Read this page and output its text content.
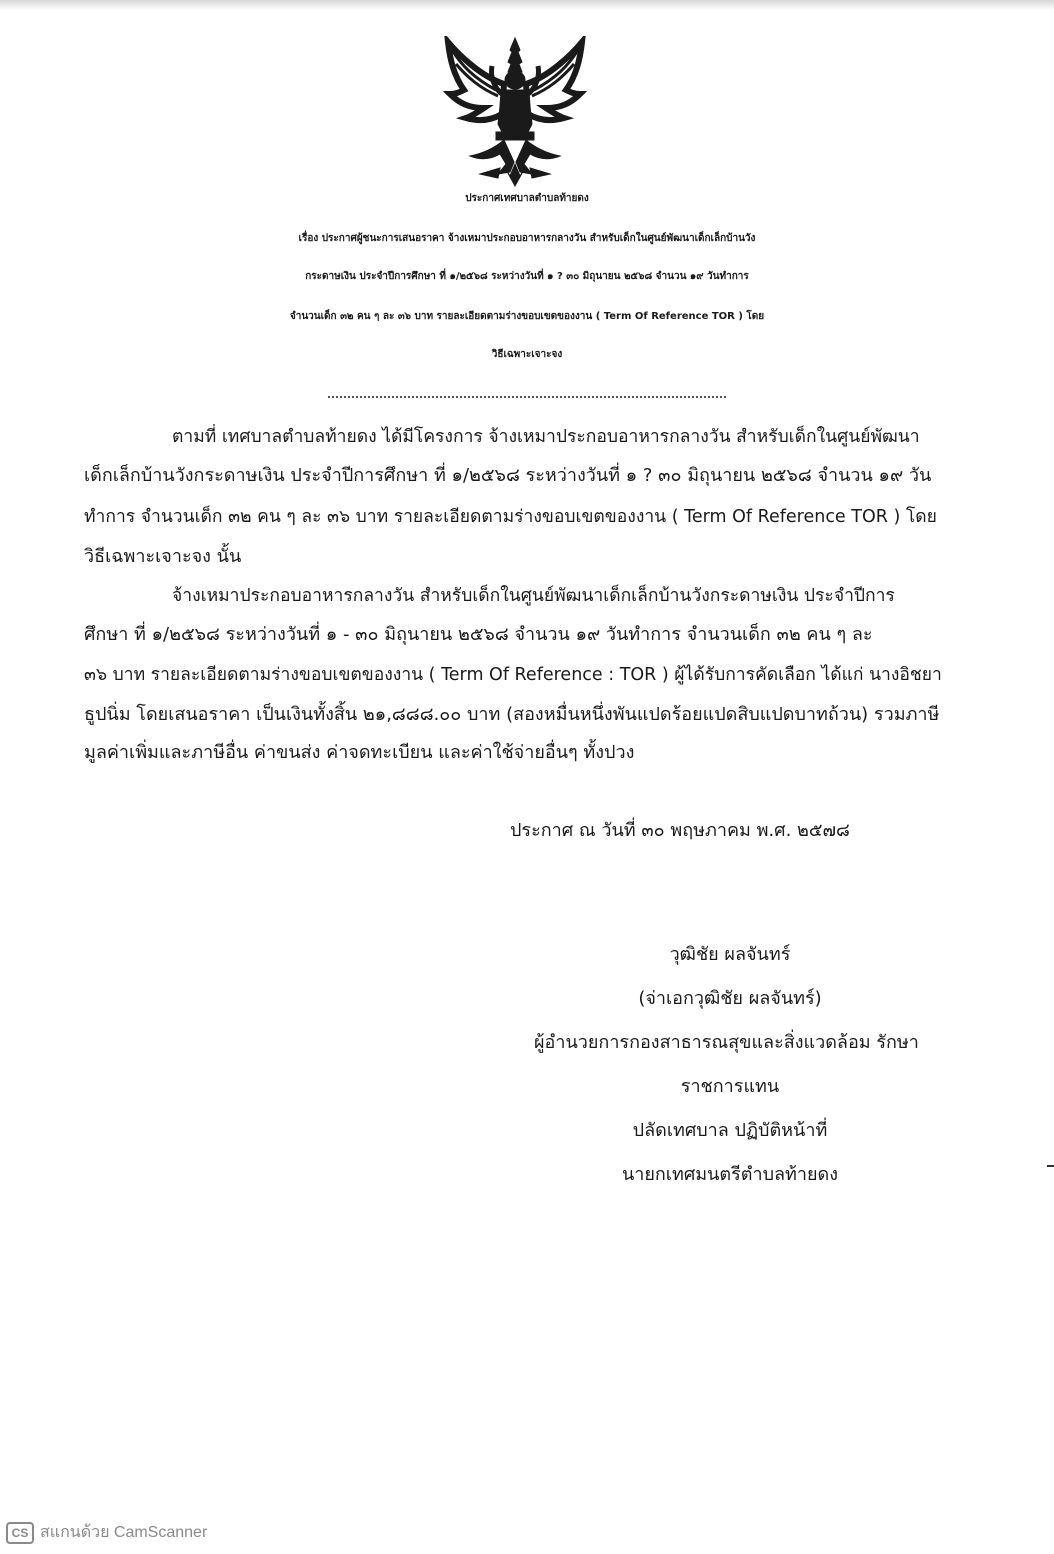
ประกาศเทศบาลตำบลท้ายดง
เรื่อง ประกาศผู้ชนะการเสนอราคา จ้างเหมาประกอบอาหารกลางวัน สำหรับเด็กในศูนย์พัฒนาเด็กเล็กบ้านวัง
กระดาษเงิน ประจำปีการศึกษา ที่ ๑/๒๕๖๘ ระหว่างวันที่ ๑ ? ๓๐ มิถุนายน ๒๕๖๘ จำนวน ๑๙ วันทำการ
จำนวนเด็ก ๓๒ คน ๆ ละ ๓๖ บาท รายละเอียดตามร่างขอบเขตของงาน ( Term Of Reference TOR ) โดย
วิธีเฉพาะเจาะจง
ตามที่ เทศบาลตำบลท้ายดง ได้มีโครงการ จ้างเหมาประกอบอาหารกลางวัน สำหรับเด็กในศูนย์พัฒนา
เด็กเล็กบ้านวังกระดาษเงิน ประจำปีการศึกษา ที่ ๑/๒๕๖๘ ระหว่างวันที่ ๑ ? ๓๐ มิถุนายน ๒๕๖๘ จำนวน ๑๙ วัน
ทำการ จำนวนเด็ก ๓๒ คน ๆ ละ ๓๖ บาท รายละเอียดตามร่างขอบเขตของงาน ( Term Of Reference TOR ) โดย
วิธีเฉพาะเจาะจง นั้น
จ้างเหมาประกอบอาหารกลางวัน สำหรับเด็กในศูนย์พัฒนาเด็กเล็กบ้านวังกระดาษเงิน ประจำปีการ
ศึกษา ที่ ๑/๒๕๖๘ ระหว่างวันที่ ๑ - ๓๐ มิถุนายน ๒๕๖๘ จำนวน ๑๙ วันทำการ จำนวนเด็ก ๓๒ คน ๆ ละ
๓๖ บาท รายละเอียดตามร่างขอบเขตของงาน ( Term Of Reference : TOR ) ผู้ได้รับการคัดเลือก ได้แก่ นางอิชยา
ธูปนิ่ม โดยเสนอราคา เป็นเงินทั้งสิ้น ๒๑,๘๘๘.๐๐ บาท (สองหมื่นหนึ่งพันแปดร้อยแปดสิบแปดบาทถ้วน) รวมภาษี
มูลค่าเพิ่มและภาษีอื่น ค่าขนส่ง ค่าจดทะเบียน และค่าใช้จ่ายอื่นๆ ทั้งปวง
ประกาศ ณ วันที่ ๓๐ พฤษภาคม พ.ศ. ๒๕๗๘
วุฒิชัย ผลจันทร์
(จ่าเอกวุฒิชัย ผลจันทร์)
ผู้อำนวยการกองสาธารณสุขและสิ่งแวดล้อม รักษา
ราชการแทน
ปลัดเทศบาล ปฏิบัติหน้าที่
นายกเทศมนตรีตำบลท้ายดง
CS สแกนด้วย CamScanner
